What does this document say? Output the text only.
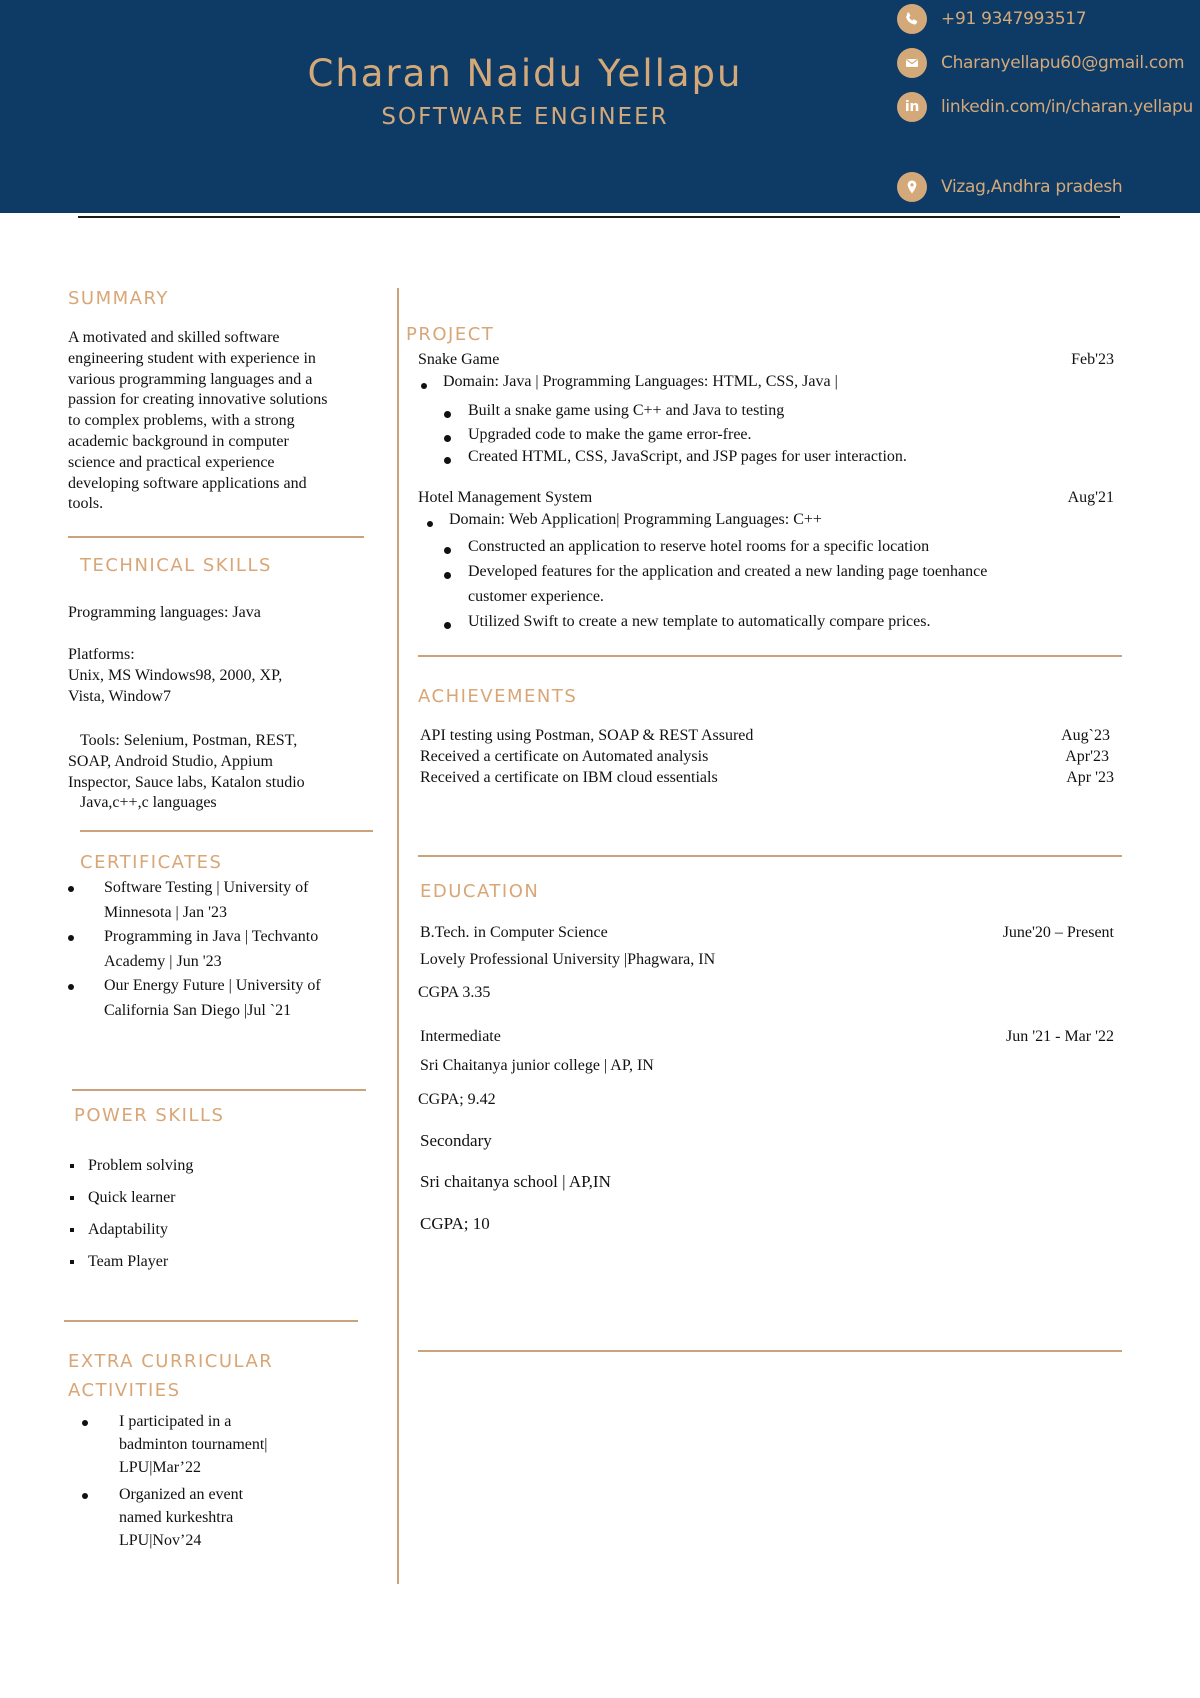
Charan Naidu Yellapu
SOFTWARE ENGINEER
+91 9347993517
Charanyellapu60@gmail.com
in linkedin.com/in/charan.yellapu
Vizag,Andhra pradesh
SUMMARY
A motivated and skilled software
engineering student with experience in
various programming languages and a
passion for creating innovative solutions
to complex problems, with a strong
academic background in computer
science and practical experience
developing software applications and
tools.
TECHNICAL SKILLS
Programming languages: Java
Platforms:
Unix, MS Windows98, 2000, XP,
Vista, Window7
Tools: Selenium, Postman, REST,
SOAP, Android Studio, Appium
Inspector, Sauce labs, Katalon studio
Java,c++,c languages
CERTIFICATES
Software Testing | University of
Minnesota | Jan '23
Programming in Java | Techvanto
Academy | Jun '23
Our Energy Future | University of
California San Diego |Jul `21
POWER SKILLS
Problem solving
Quick learner
Adaptability
Team Player
EXTRA CURRICULAR
ACTIVITIES
I participated in a
badminton tournament|
LPU|Mar’22
Organized an event
named kurkeshtra
LPU|Nov’24
PROJECT
Snake Game	Feb'23
Domain: Java | Programming Languages: HTML, CSS, Java |
Built a snake game using C++ and Java to testing
Upgraded code to make the game error-free.
Created HTML, CSS, JavaScript, and JSP pages for user interaction.
Hotel Management System	Aug'21
Domain: Web Application| Programming Languages: C++
Constructed an application to reserve hotel rooms for a specific location
Developed features for the application and created a new landing page toenhance
customer experience.
Utilized Swift to create a new template to automatically compare prices.
ACHIEVEMENTS
API testing using Postman, SOAP & REST Assured	Aug`23
Received a certificate on Automated analysis	Apr'23
Received a certificate on IBM cloud essentials	Apr '23
EDUCATION
B.Tech. in Computer Science	June'20 – Present
Lovely Professional University |Phagwara, IN
CGPA 3.35
Intermediate	Jun '21 - Mar '22
Sri Chaitanya junior college | AP, IN
CGPA; 9.42
Secondary
Sri chaitanya school | AP,IN
CGPA; 10
